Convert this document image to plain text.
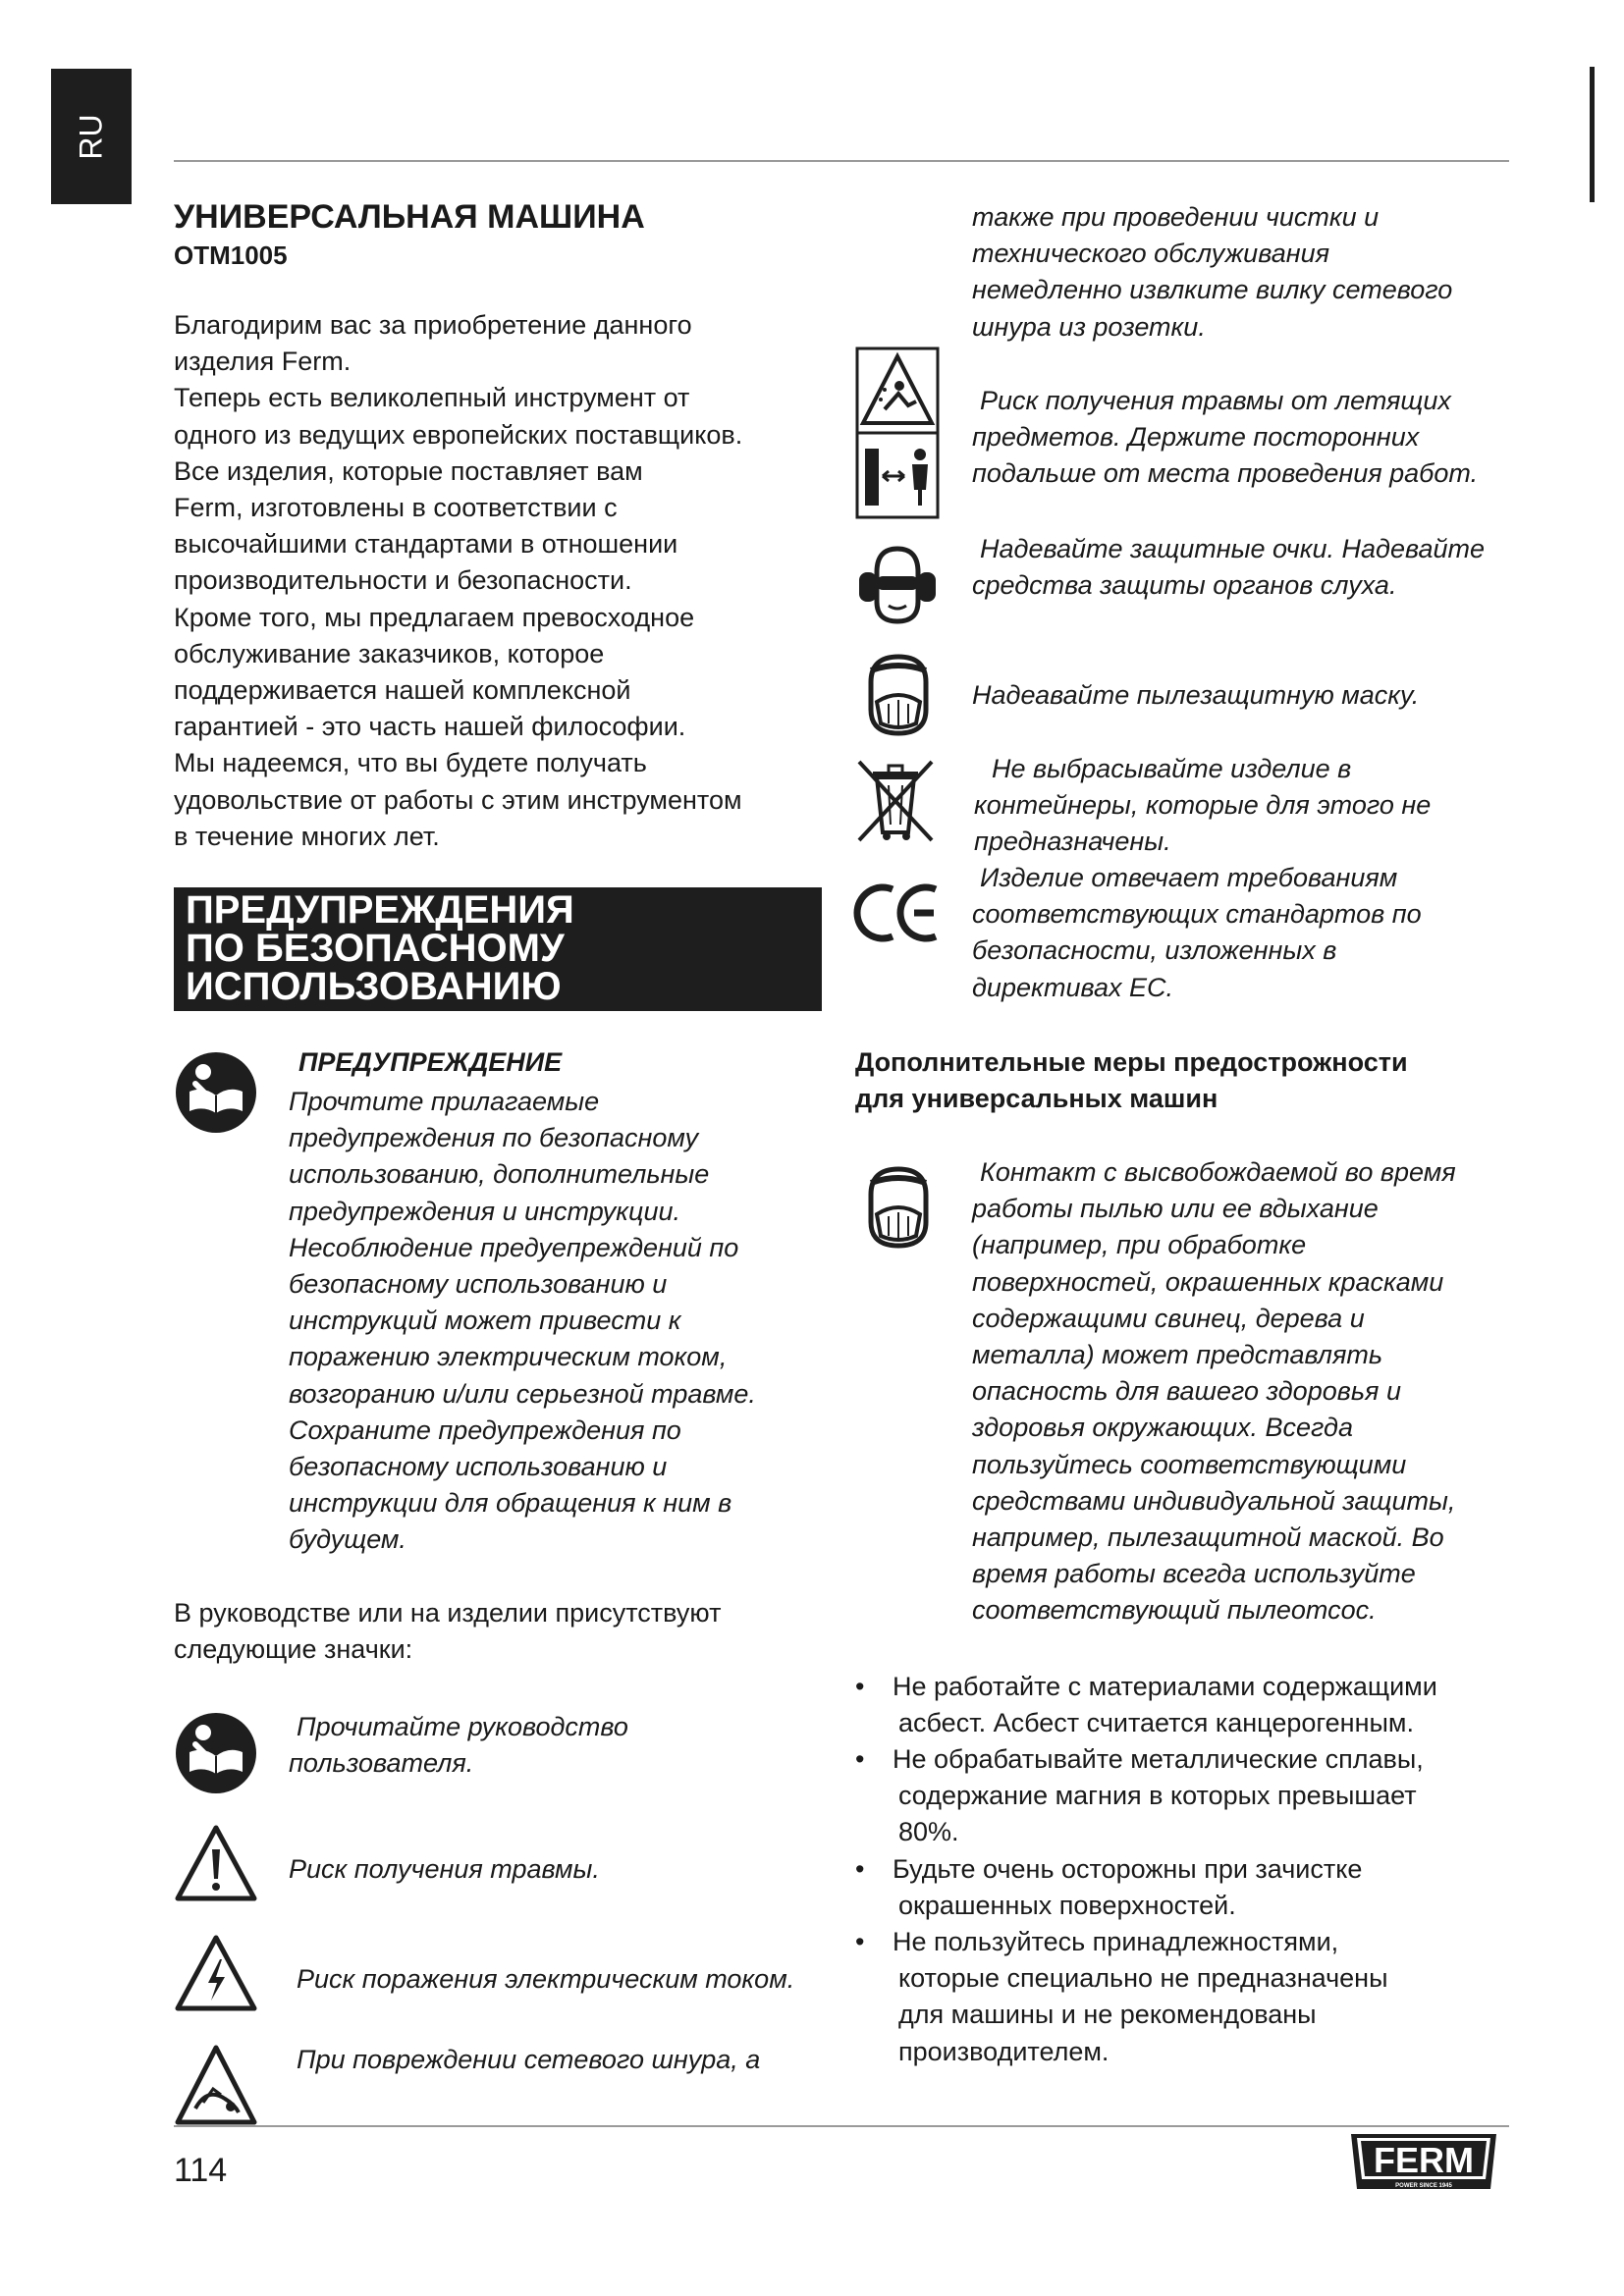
RU
УНИВЕРСАЛЬНАЯ МАШИНА
OTM1005
Благодирим вас за приобретение данного
изделия Ferm.
Теперь есть великолепный инструмент от
одного из ведущих европейских поставщиков.
Все изделия, которые поставляет вам
Ferm, изготовлены в соответствии с
высочайшими стандартами в отношении
производительности и безопасности.
Кроме того, мы предлагаем превосходное
обслуживание заказчиков, которое
поддерживается нашей комплексной
гарантией - это часть нашей философии.
Мы надеемся, что вы будете получать
удовольствие от работы с этим инструментом
в течение многих лет.
ПРЕДУПРЕЖДЕНИЯ
ПО БЕЗОПАСНОМУ
ИСПОЛЬЗОВАНИЮ
ПРЕДУПРЕЖДЕНИЕ
Прочтите прилагаемые
предупреждения по безопасному
использованию, дополнительные
предупреждения и инструкции.
Несоблюдение предуепреждений по
безопасному использованию и
инструкций может привести к
поражению электрическим током,
возгоранию и/или серьезной травме.
Сохраните предупреждения по
безопасному использованию и
инструкции для обращения к ним в
будущем.
В руководстве или на изделии присутствуют
следующие значки:
Прочитайте руководство
пользователя.
Риск получения травмы.
Риск поражения электрическим током.
При повреждении сетевого шнура, а
также при проведении чистки и
технического обслуживания
немедленно извлките вилку сетевого
шнура из розетки.
Риск получения травмы от летящих
предметов. Держите посторонних
подальше от места проведения работ.
Надевайте защитные очки. Надевайте
средства защиты органов слуха.
Надеавайте пылезащитную маску.
Не выбрасывайте изделие в
контейнеры, которые для этого не
предназначены.
Изделие отвечает требованиям
соответствующих стандартов по
безопасности, изложенных в
директивах ЕС.
Дополнительные меры предострожности
для универсальных машин
Контакт с высвобождаемой во время
работы пылью или ее вдыхание
(например, при обработке
поверхностей, окрашенных красками
содержащими свинец, дерева и
металла) может представлять
опасность для вашего здоровья и
здоровья окружающих. Всегда
пользуйтесь соответствующими
средствами индивидуальной защиты,
например, пылезащитной маской. Во
время работы всегда используйте
соответствующий пылеотсос.
• Не работайте с материалами содержащими
асбест. Асбест считается канцерогенным.
• Не обрабатывайте металлические сплавы,
содержание магния в которых превышает
80%.
• Будьте очень осторожны при зачистке
окрашенных поверхностей.
• Не пользуйтесь принадлежностями,
которые специально не предназначены
для машины и не рекомендованы
производителем.
114	FERM
POWER SINCE 1945
